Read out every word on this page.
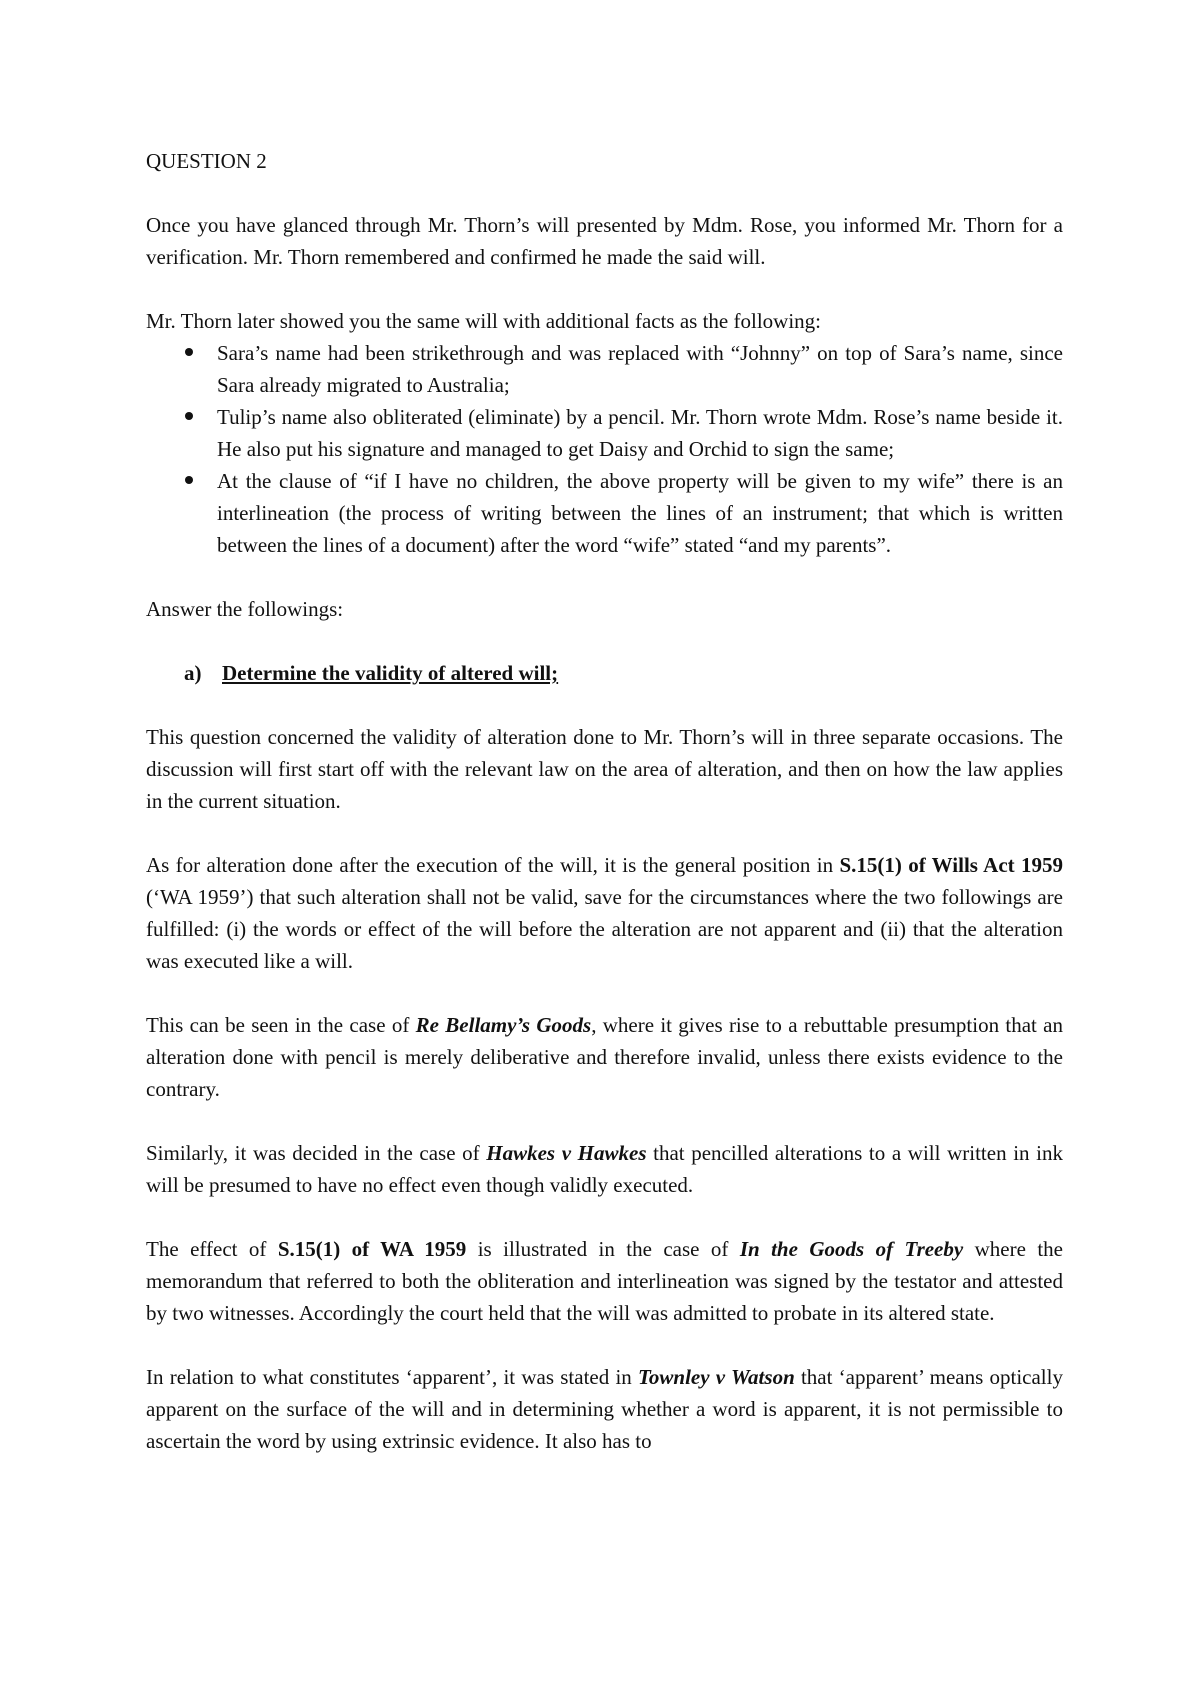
QUESTION 2

Once you have glanced through Mr. Thorn’s will presented by Mdm. Rose, you informed Mr. Thorn for a verification. Mr. Thorn remembered and confirmed he made the said will.

Mr. Thorn later showed you the same will with additional facts as the following:
Sara’s name had been strikethrough and was replaced with “Johnny” on top of Sara’s name, since Sara already migrated to Australia;
Tulip’s name also obliterated (eliminate) by a pencil. Mr. Thorn wrote Mdm. Rose’s name beside it. He also put his signature and managed to get Daisy and Orchid to sign the same;
At the clause of “if I have no children, the above property will be given to my wife” there is an interlineation (the process of writing between the lines of an instrument; that which is written between the lines of a document) after the word “wife” stated “and my parents”.

Answer the followings:

a) Determine the validity of altered will;

This question concerned the validity of alteration done to Mr. Thorn’s will in three separate occasions. The discussion will first start off with the relevant law on the area of alteration, and then on how the law applies in the current situation.

As for alteration done after the execution of the will, it is the general position in S.15(1) of Wills Act 1959 (‘WA 1959’) that such alteration shall not be valid, save for the circumstances where the two followings are fulfilled: (i) the words or effect of the will before the alteration are not apparent and (ii) that the alteration was executed like a will.

This can be seen in the case of Re Bellamy’s Goods, where it gives rise to a rebuttable presumption that an alteration done with pencil is merely deliberative and therefore invalid, unless there exists evidence to the contrary.

Similarly, it was decided in the case of Hawkes v Hawkes that pencilled alterations to a will written in ink will be presumed to have no effect even though validly executed.

The effect of S.15(1) of WA 1959 is illustrated in the case of In the Goods of Treeby where the memorandum that referred to both the obliteration and interlineation was signed by the testator and attested by two witnesses. Accordingly the court held that the will was admitted to probate in its altered state.

In relation to what constitutes ‘apparent’, it was stated in Townley v Watson that ‘apparent’ means optically apparent on the surface of the will and in determining whether a word is apparent, it is not permissible to ascertain the word by using extrinsic evidence. It also has to
